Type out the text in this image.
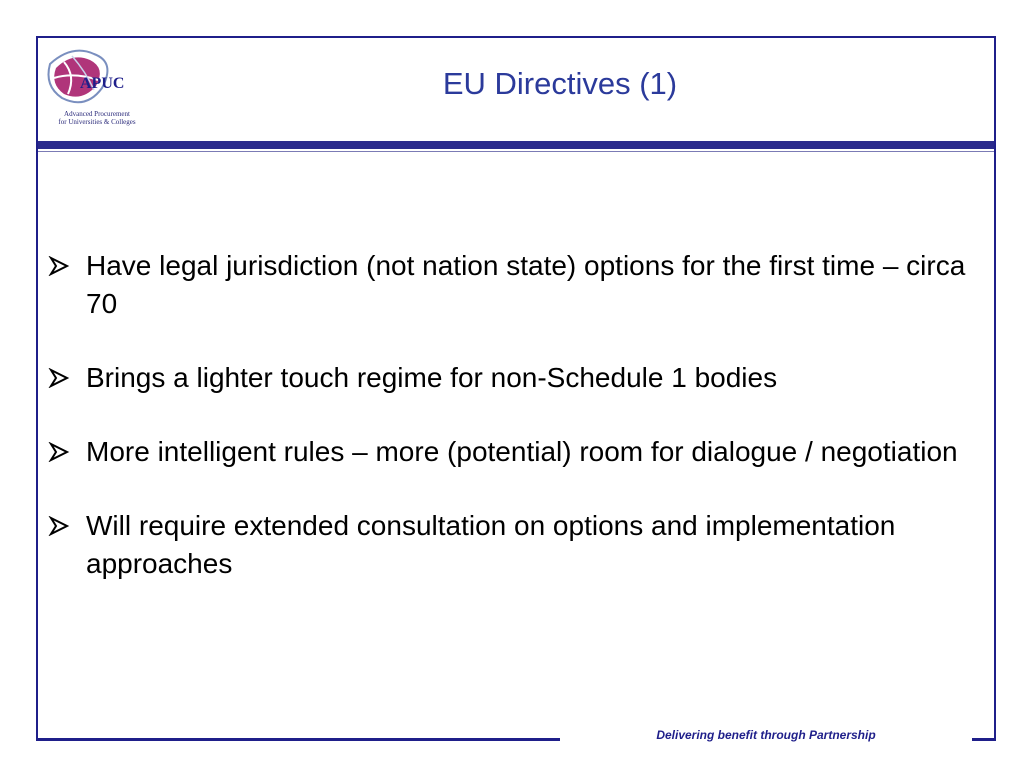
APUC
Advanced Procurement
for Universities & Colleges
EU Directives (1)
Have legal jurisdiction (not nation state) options for the first time – circa 70
Brings a lighter touch regime for non-Schedule 1 bodies
More intelligent rules – more (potential) room for dialogue / negotiation
Will require extended consultation on options and implementation approaches
Delivering benefit through Partnership
